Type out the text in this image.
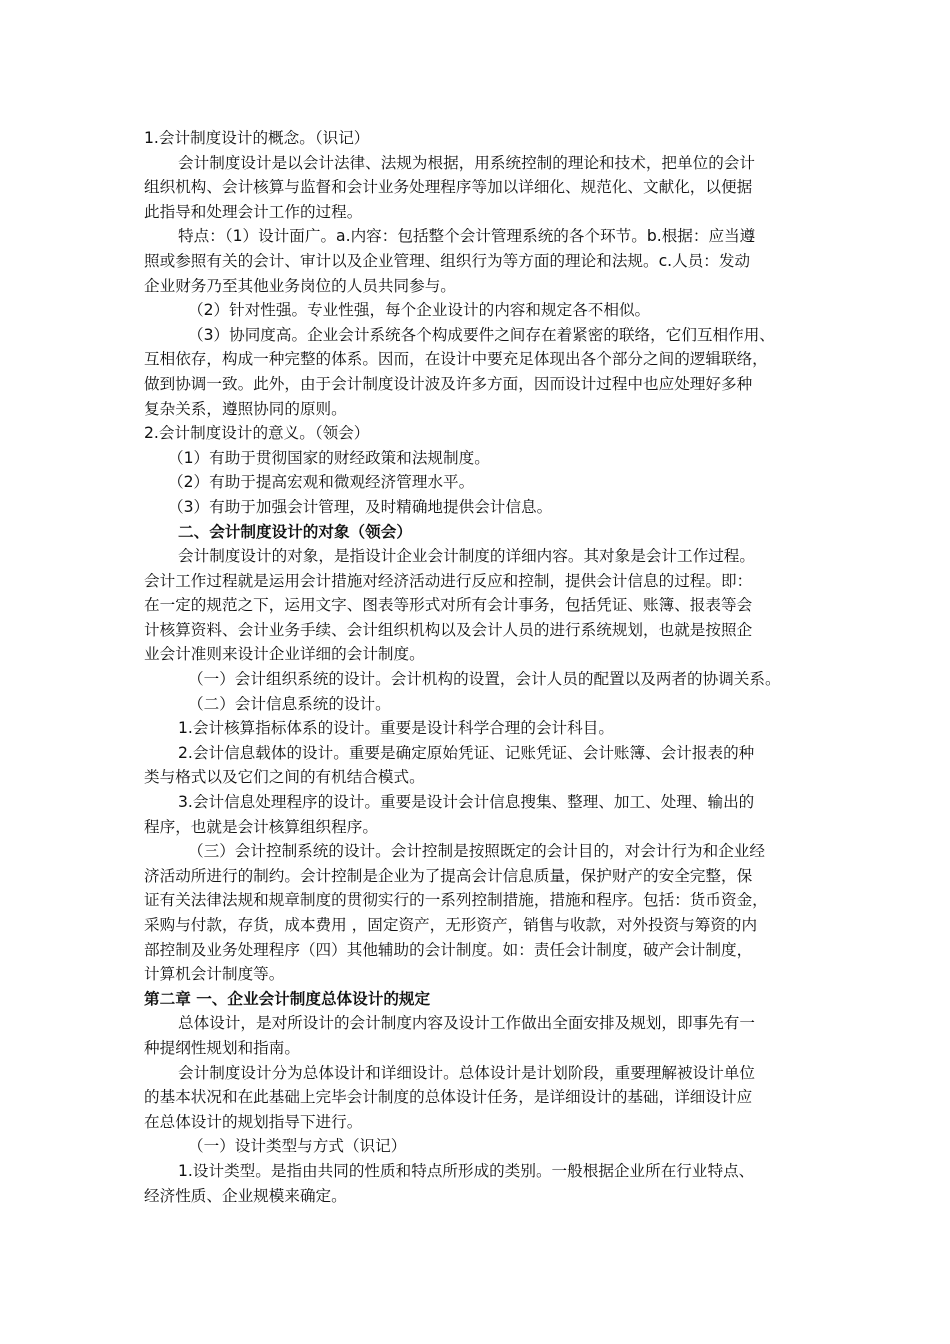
1.会计制度设计的概念。（识记）
会计制度设计是以会计法律、法规为根据，用系统控制的理论和技术，把单位的会计
组织机构、会计核算与监督和会计业务处理程序等加以详细化、规范化、文献化，以便据
此指导和处理会计工作的过程。
特点：（1）设计面广。a.内容：包括整个会计管理系统的各个环节。b.根据：应当遵
照或参照有关的会计、审计以及企业管理、组织行为等方面的理论和法规。c.人员：发动
企业财务乃至其他业务岗位的人员共同参与。
（2）针对性强。专业性强，每个企业设计的内容和规定各不相似。
（3）协同度高。企业会计系统各个构成要件之间存在着紧密的联络，它们互相作用、
互相依存，构成一种完整的体系。因而，在设计中要充足体现出各个部分之间的逻辑联络，
做到协调一致。此外，由于会计制度设计波及许多方面，因而设计过程中也应处理好多种
复杂关系，遵照协同的原则。
2.会计制度设计的意义。（领会）
（1）有助于贯彻国家的财经政策和法规制度。
（2）有助于提高宏观和微观经济管理水平。
（3）有助于加强会计管理，及时精确地提供会计信息。
二、会计制度设计的对象（领会）
会计制度设计的对象，是指设计企业会计制度的详细内容。其对象是会计工作过程。
会计工作过程就是运用会计措施对经济活动进行反应和控制，提供会计信息的过程。即：
在一定的规范之下，运用文字、图表等形式对所有会计事务，包括凭证、账簿、报表等会
计核算资料、会计业务手续、会计组织机构以及会计人员的进行系统规划，也就是按照企
业会计准则来设计企业详细的会计制度。
（一）会计组织系统的设计。会计机构的设置，会计人员的配置以及两者的协调关系。
（二）会计信息系统的设计。
1.会计核算指标体系的设计。重要是设计科学合理的会计科目。
2.会计信息载体的设计。重要是确定原始凭证、记账凭证、会计账簿、会计报表的种
类与格式以及它们之间的有机结合模式。
3.会计信息处理程序的设计。重要是设计会计信息搜集、整理、加工、处理、输出的
程序，也就是会计核算组织程序。
（三）会计控制系统的设计。会计控制是按照既定的会计目的，对会计行为和企业经
济活动所进行的制约。会计控制是企业为了提高会计信息质量，保护财产的安全完整，保
证有关法律法规和规章制度的贯彻实行的一系列控制措施，措施和程序。包括：货币资金，
采购与付款，存货，成本费用 ，固定资产，无形资产，销售与收款，对外投资与筹资的内
部控制及业务处理程序（四）其他辅助的会计制度。如：责任会计制度，破产会计制度，
计算机会计制度等。
第二章 一、企业会计制度总体设计的规定
总体设计，是对所设计的会计制度内容及设计工作做出全面安排及规划，即事先有一
种提纲性规划和指南。
会计制度设计分为总体设计和详细设计。总体设计是计划阶段，重要理解被设计单位
的基本状况和在此基础上完毕会计制度的总体设计任务，是详细设计的基础，详细设计应
在总体设计的规划指导下进行。
（一）设计类型与方式（识记）
1.设计类型。是指由共同的性质和特点所形成的类别。一般根据企业所在行业特点、
经济性质、企业规模来确定。
